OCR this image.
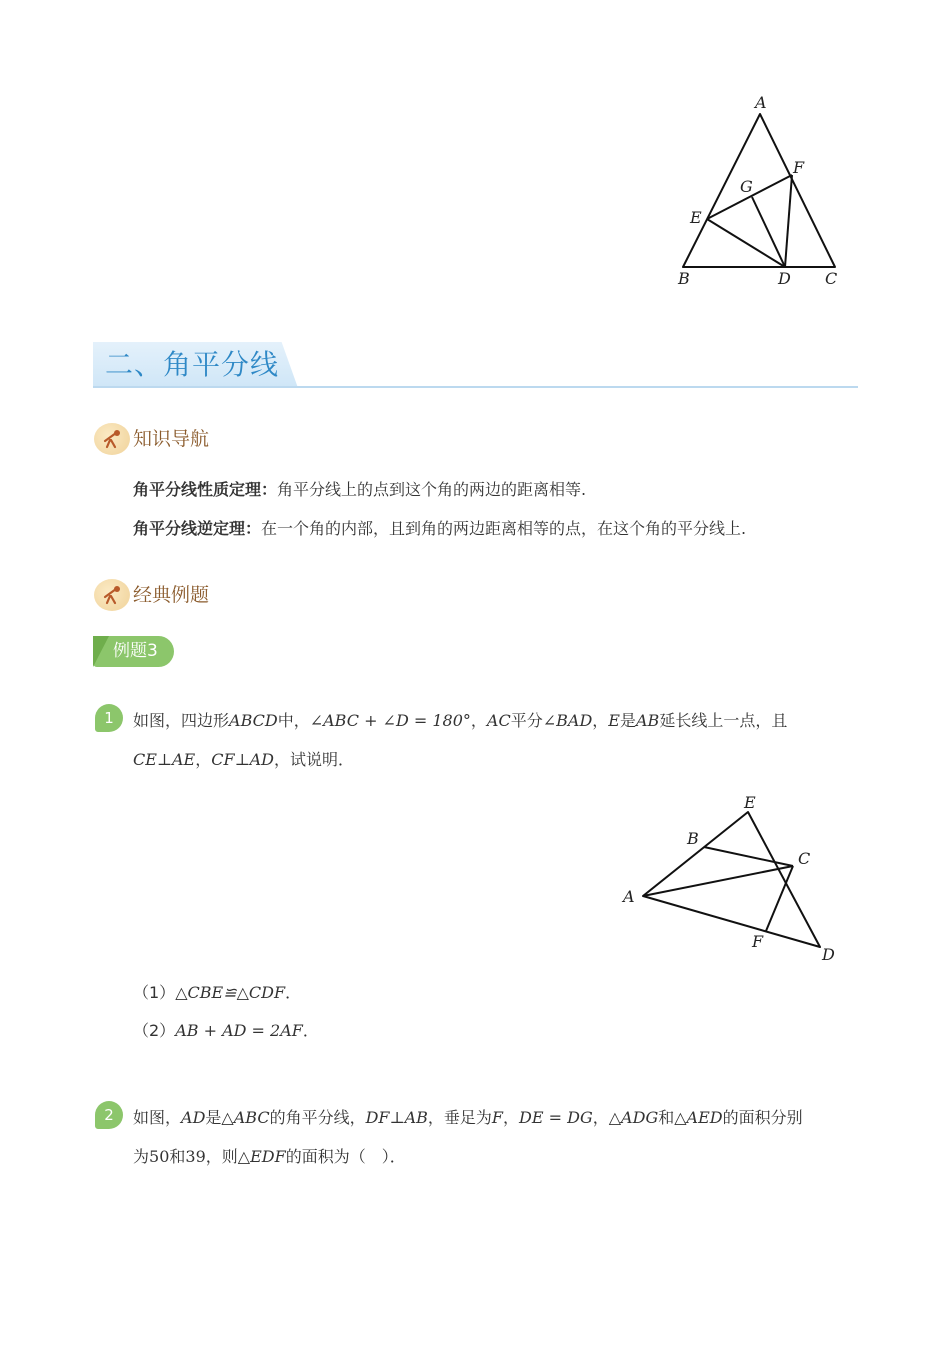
A
B	C
D
E
F
G
二、角平分线
知识导航
角平分线性质定理：角平分线上的点到这个角的两边的距离相等.
角平分线逆定理：在一个角的内部，且到角的两边距离相等的点，在这个角的平分线上.
经典例题
例题3
1	如图，四边形ABCD中，∠ABC + ∠D = 180°，AC平分∠BAD，E是AB延长线上一点，且
CE⊥AE，CF⊥AD，试说明．
A
B
C
D
E
F
（1）△CBE≌△CDF．
（2）AB + AD = 2AF．
2	如图，AD是△ABC的角平分线，DF⊥AB，垂足为F，DE = DG，△ADG和△AED的面积分别
为50和39，则△EDF的面积为（　）．
